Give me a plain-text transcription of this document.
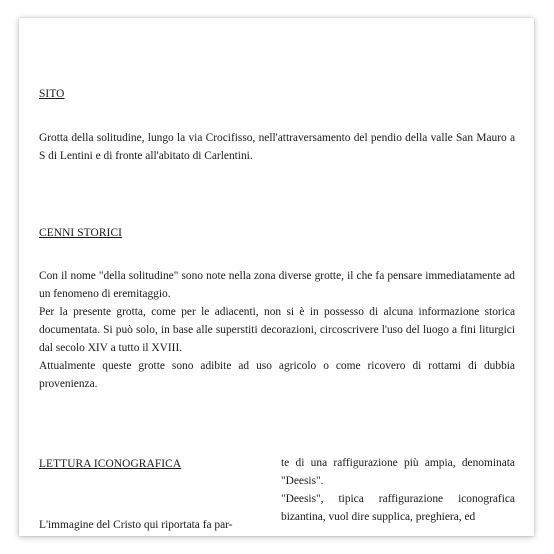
SITO

Grotta della solitudine, lungo la via Crocifisso, nell'attraversamento del pendio della valle San Mauro a S di Lentini e di fronte all'abitato di Carlentini.

CENNI STORICI

Con il nome "della solitudine" sono note nella zona diverse grotte, il che fa pensare immediatamente ad un fenomeno di eremitaggio.

Per la presente grotta, come per le adiacenti, non si è in possesso di alcuna informazione storica documentata. Si può solo, in base alle superstiti decorazioni, circoscrivere l'uso del luogo a fini liturgici dal secolo XIV a tutto il XVIII.

Attualmente queste grotte sono adibite ad uso agricolo o come ricovero di rottami di dubbia provenienza.

LETTURA ICONOGRAFICA

L'immagine del Cristo qui riportata fa par-

te di una raffigurazione più ampia, denominata "Deesis".

"Deesis", tipica raffigurazione iconografica bizantina, vuol dire supplica, preghiera, ed
